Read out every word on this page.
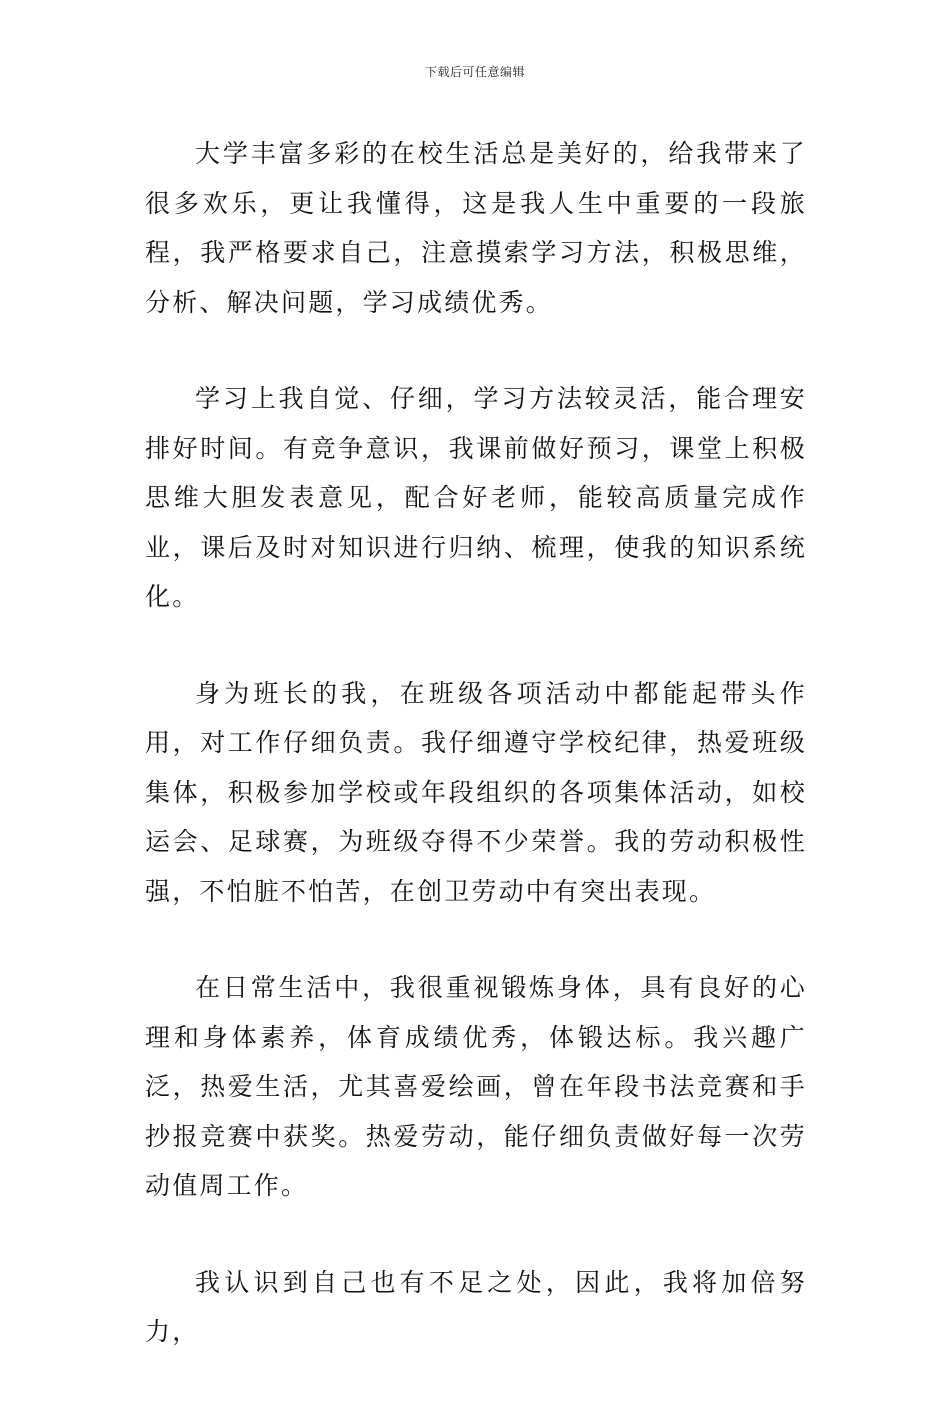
下载后可任意编辑

大学丰富多彩的在校生活总是美好的，给我带来了很多欢乐，更让我懂得，这是我人生中重要的一段旅程，我严格要求自己，注意摸索学习方法，积极思维，分析、解决问题，学习成绩优秀。

学习上我自觉、仔细，学习方法较灵活，能合理安排好时间。有竞争意识，我课前做好预习，课堂上积极思维大胆发表意见，配合好老师，能较高质量完成作业，课后及时对知识进行归纳、梳理，使我的知识系统化。

身为班长的我，在班级各项活动中都能起带头作用，对工作仔细负责。我仔细遵守学校纪律，热爱班级集体，积极参加学校或年段组织的各项集体活动，如校运会、足球赛，为班级夺得不少荣誉。我的劳动积极性强，不怕脏不怕苦，在创卫劳动中有突出表现。

在日常生活中，我很重视锻炼身体，具有良好的心理和身体素养，体育成绩优秀，体锻达标。我兴趣广泛，热爱生活，尤其喜爱绘画，曾在年段书法竞赛和手抄报竞赛中获奖。热爱劳动，能仔细负责做好每一次劳动值周工作。

我认识到自己也有不足之处，因此，我将加倍努力，
